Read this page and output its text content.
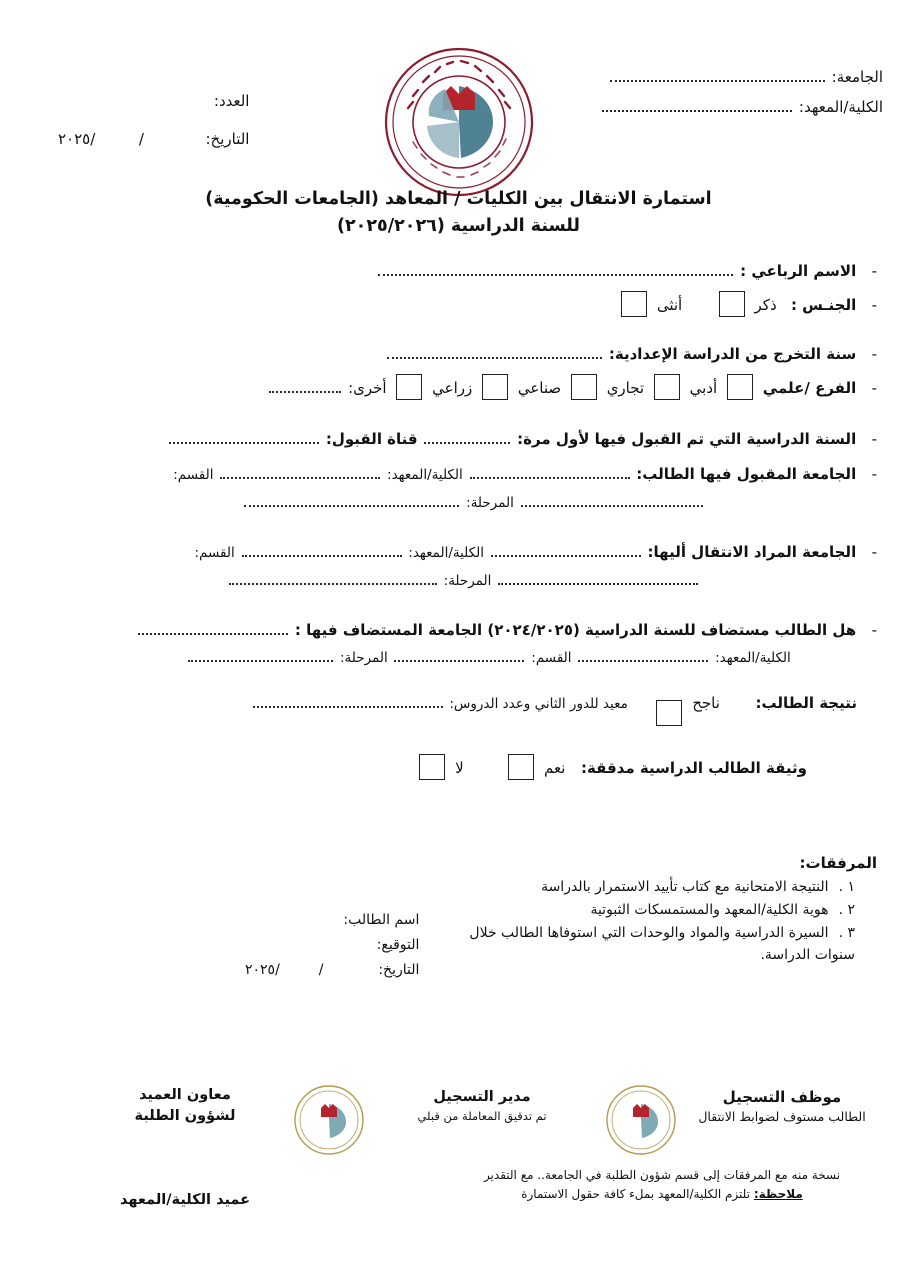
الجامعة:
الكلية/المعهد:
العدد:
التاريخ:  /  /٢٠٢٥
استمارة الانتقال بين الكليات / المعاهد (الجامعات الحكومية)
للسنة الدراسية (٢٠٢٥/٢٠٢٦)
- الاسم الرباعي :
- الجنـس :   ذكر   أنثى
- سنة التخرج من الدراسة الإعدادية:
- الفرع /علمي  أدبي  تجاري  صناعي  زراعي  أخرى:
- السنة الدراسية التي تم القبول فيها لأول مرة:  قناة القبول:
- الجامعة المقبول فيها الطالب:  الكلية/المعهد:  القسم:
المرحلة:
- الجامعة المراد الانتقال أليها:  الكلية/المعهد:  القسم:
المرحلة:
- هل الطالب مستضاف للسنة الدراسية (٢٠٢٤/٢٠٢٥) الجامعة المستضاف فيها :
الكلية/المعهد:  القسم:  المرحلة:
نتيجة الطالب:  ناجح   معيد للدور الثاني وعدد الدروس:
وثيقة الطالب الدراسية مدققة:  نعم   لا
المرفقات:
١ . النتيجة الامتحانية مع كتاب تأييد الاستمرار بالدراسة
٢ . هوية الكلية/المعهد والمستمسكات الثبوتية
٣ . السيرة الدراسية والمواد والوحدات التي استوفاها الطالب خلال سنوات الدراسة.
اسم الطالب:
التوقيع:
التاريخ:  /  /٢٠٢٥
موظف التسجيل
الطالب مستوف لضوابط الانتقال
مدير التسجيل
تم تدقيق المعاملة من قبلي
معاون العميد
لشؤون الطلبة
عميد الكلية/المعهد
نسخة منه مع المرفقات إلى قسم شؤون الطلبة في الجامعة.. مع التقدير
ملاحظة: تلتزم الكلية/المعهد بملء كافة حقول الاستمارة
